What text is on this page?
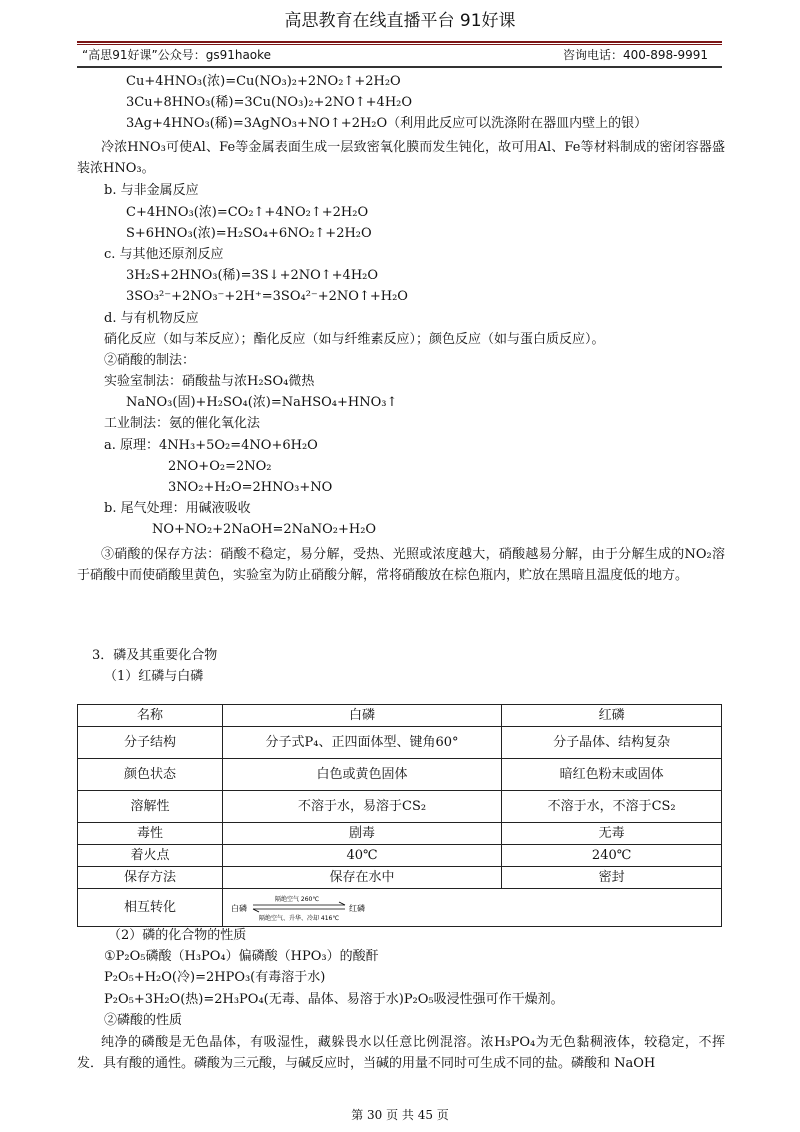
高思教育在线直播平台 91好课
“高思91好课”公众号：gs91haoke	咨询电话：400-898-9991
Cu+4HNO₃(浓)=Cu(NO₃)₂+2NO₂↑+2H₂O
3Cu+8HNO₃(稀)=3Cu(NO₃)₂+2NO↑+4H₂O
3Ag+4HNO₃(稀)=3AgNO₃+NO↑+2H₂O（利用此反应可以洗涤附在器皿内壁上的银）
冷浓HNO₃可使Al、Fe等金属表面生成一层致密氧化膜而发生钝化，故可用Al、Fe等材料制成的密闭容器盛装浓HNO₃。
b. 与非金属反应
C+4HNO₃(浓)=CO₂↑+4NO₂↑+2H₂O
S+6HNO₃(浓)=H₂SO₄+6NO₂↑+2H₂O
c. 与其他还原剂反应
3H₂S+2HNO₃(稀)=3S↓+2NO↑+4H₂O
3SO₃²⁻+2NO₃⁻+2H⁺=3SO₄²⁻+2NO↑+H₂O
d. 与有机物反应
硝化反应（如与苯反应）；酯化反应（如与纤维素反应）；颜色反应（如与蛋白质反应）。
②硝酸的制法：
实验室制法：硝酸盐与浓H₂SO₄微热
NaNO₃(固)+H₂SO₄(浓)=NaHSO₄+HNO₃↑
工业制法：氨的催化氧化法
a. 原理：4NH₃+5O₂=4NO+6H₂O
2NO+O₂=2NO₂
3NO₂+H₂O=2HNO₃+NO
b. 尾气处理：用碱液吸收
NO+NO₂+2NaOH=2NaNO₂+H₂O
③硝酸的保存方法：硝酸不稳定，易分解，受热、光照或浓度越大，硝酸越易分解，由于分解生成的NO₂溶于硝酸中而使硝酸里黄色，实验室为防止硝酸分解，常将硝酸放在棕色瓶内，贮放在黑暗且温度低的地方。
3．磷及其重要化合物
（1）红磷与白磷
名称	白磷	红磷
分子结构	分子式P₄、正四面体型、键角60°	分子晶体、结构复杂
颜色状态	白色或黄色固体	暗红色粉末或固体
溶解性	不溶于水，易溶于CS₂	不溶于水，不溶于CS₂
毒性	剧毒	无毒
着火点	40℃	240℃
保存方法	保存在水中	密封
相互转化	白磷
隔绝空气 260℃
隔绝空气、升华、冷却 416℃
红磷	
（2）磷的化合物的性质
①P₂O₅磷酸（H₃PO₄）偏磷酸（HPO₃）的酸酐
P₂O₅+H₂O(冷)=2HPO₃(有毒溶于水)
P₂O₅+3H₂O(热)=2H₃PO₄(无毒、晶体、易溶于水)P₂O₅吸浸性强可作干燥剂。
②磷酸的性质
纯净的磷酸是无色晶体，有吸湿性，藏躲畏水以任意比例混溶。浓H₃PO₄为无色黏稠液体，较稳定，不挥发．具有酸的通性。磷酸为三元酸，与碱反应时，当碱的用量不同时可生成不同的盐。磷酸和 NaOH
第 30 页 共 45 页
